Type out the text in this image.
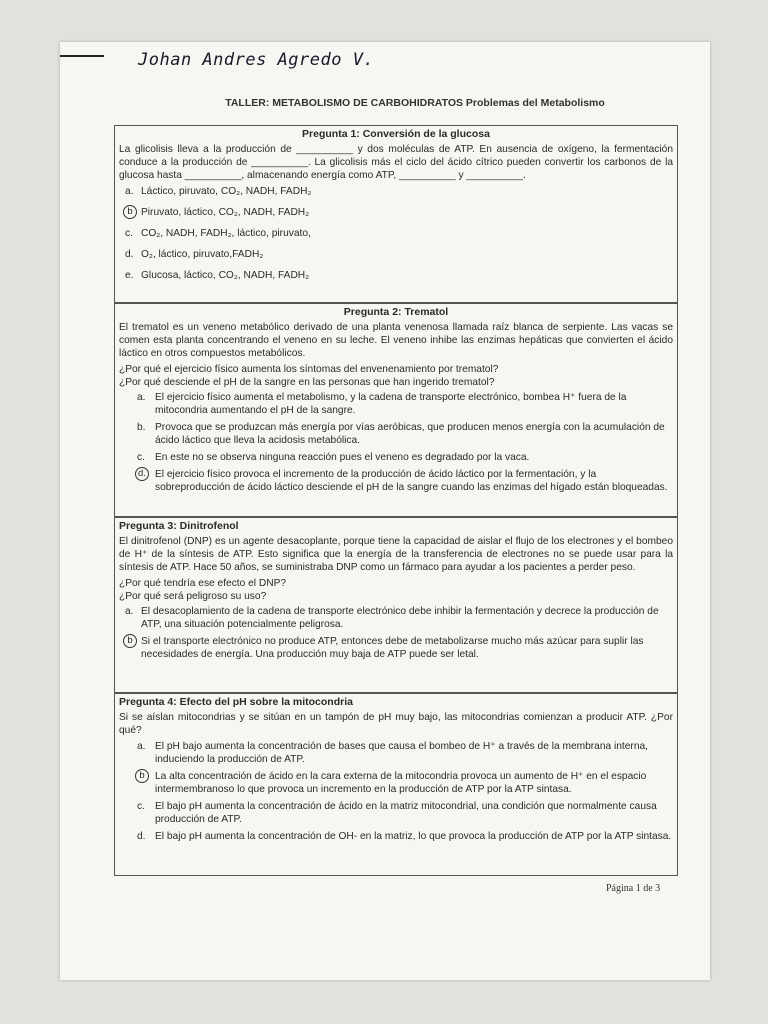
Johan Andres Agredo V.
TALLER: METABOLISMO DE CARBOHIDRATOS Problemas del Metabolismo
Pregunta 1: Conversión de la glucosa

La glicolisis lleva a la producción de __________ y dos moléculas de ATP. En ausencia de oxígeno, la fermentación conduce a la producción de __________. La glicolisis más el ciclo del ácido cítrico pueden convertir los carbonos de la glucosa hasta __________, almacenando energía como ATP, __________ y __________.

a. Láctico, piruvato, CO₂, NADH, FADH₂
b Piruvato, láctico, CO₂, NADH, FADH₂
c. CO₂, NADH, FADH₂, láctico, piruvato,
d. O₂, láctico, piruvato,FADH₂
e. Glucosa, láctico, CO₂, NADH, FADH₂
Pregunta 2: Trematol

El trematol es un veneno metabólico derivado de una planta venenosa llamada raíz blanca de serpiente. Las vacas se comen esta planta concentrando el veneno en su leche. El veneno inhibe las enzimas hepáticas que convierten el ácido láctico en otros compuestos metabólicos.

¿Por qué el ejercicio físico aumenta los síntomas del envenenamiento por trematol?

¿Por qué desciende el pH de la sangre en las personas que han ingerido trematol?

a. El ejercicio físico aumenta el metabolismo, y la cadena de transporte electrónico, bombea H⁺ fuera de la mitocondria aumentando el pH de la sangre.
b. Provoca que se produzcan más energía por vías aeróbicas, que producen menos energía con la acumulación de ácido láctico que lleva la acidosis metabólica.
c. En este no se observa ninguna reacción pues el veneno es degradado por la vaca.
d. El ejercicio físico provoca el incremento de la producción de ácido láctico por la fermentación, y la sobreproducción de ácido láctico desciende el pH de la sangre cuando las enzimas del hígado están bloqueadas.
Pregunta 3: Dinitrofenol

El dinitrofenol (DNP) es un agente desacoplante, porque tiene la capacidad de aislar el flujo de los electrones y el bombeo de H⁺ de la síntesis de ATP. Esto significa que la energía de la transferencia de electrones no se puede usar para la síntesis de ATP. Hace 50 años, se suministraba DNP como un fármaco para ayudar a los pacientes a perder peso.

¿Por qué tendría ese efecto el DNP?

¿Por qué será peligroso su uso?

a. El desacoplamiento de la cadena de transporte electrónico debe inhibir la fermentación y decrece la producción de ATP, una situación potencialmente peligrosa.
b Si el transporte electrónico no produce ATP, entonces debe de metabolizarse mucho más azúcar para suplir las necesidades de energía. Una producción muy baja de ATP puede ser letal.
Pregunta 4: Efecto del pH sobre la mitocondria

Si se aíslan mitocondrias y se sitúan en un tampón de pH muy bajo, las mitocondrias comienzan a producir ATP. ¿Por qué?

a. El pH bajo aumenta la concentración de bases que causa el bombeo de H⁺ a través de la membrana interna, induciendo la producción de ATP.
b	La alta concentración de ácido en la cara externa de la mitocondria provoca un aumento de H⁺ en el espacio intermembranoso lo que provoca un incremento en la producción de ATP por la ATP sintasa.
c. El bajo pH aumenta la concentración de ácido en la matriz mitocondrial, una condición que normalmente causa producción de ATP.
d. El bajo pH aumenta la concentración de OH- en la matriz, lo que provoca la producción de ATP por la ATP sintasa.
Página 1 de 3
